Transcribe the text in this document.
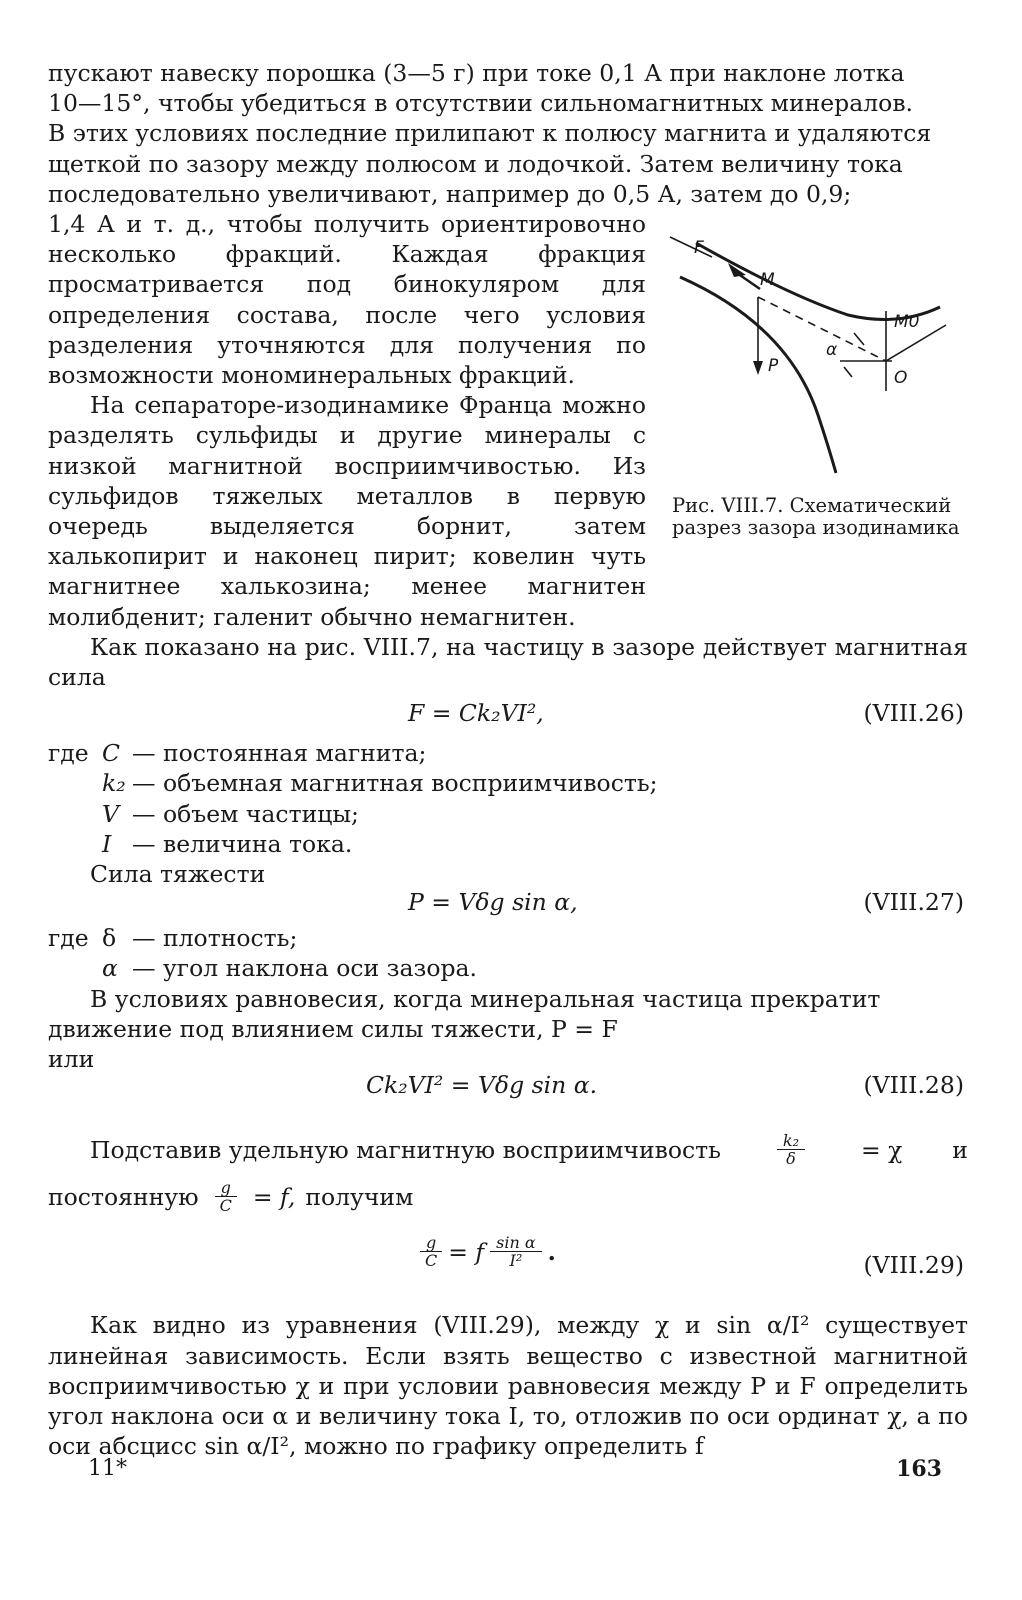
пускают навеску порошка (3—5 г) при токе 0,1 А при наклоне лотка

10—15°, чтобы убедиться в отсутствии сильномагнитных минералов.

В этих условиях последние прилипают к полюсу магнита и удаляются

щеткой по зазору между полюсом и лодочкой. Затем величину тока

последовательно увеличивают, например до 0,5 А, затем до 0,9;

1,4 А и т. д., чтобы получить ориентировочно несколько фракций. Каждая фракция просматривается под бинокуляром для определения состава, после чего условия разделения уточняются для получения по возможности мономинеральных фракций.

На сепараторе-изодинамике Франца можно разделять сульфиды и другие минералы с низкой магнитной восприимчивостью. Из сульфидов тяжелых металлов в первую очередь выделяется борнит, затем халькопирит и наконец пирит; ковелин чуть магнитнее халькозина; менее магнитен молибденит; галенит обычно немагнитен.

F
M
M0
P
α
O

Рис. VIII.7. Схематический разрез зазора изодинамика

Как показано на рис. VIII.7, на частицу в зазоре действует магнитная сила

F = Ck₂VI²,	(VIII.26)
где C — постоянная магнита;
k₂ — объемная магнитная восприимчивость;
V — объем частицы;
I — величина тока.

Сила тяжести

P = Vδg sin α,	(VIII.27)
где δ — плотность;
α — угол наклона оси зазора.

В условиях равновесия, когда минеральная частица прекратит

движение под влиянием силы тяжести, P = F

или

Ck₂VI² = Vδg sin α.	(VIII.28)
Подставив удельную магнитную восприимчивость	$\frac{\text{k₂}}{\delta} = \chi$ и
постоянную $\frac{g}{C} = f$, получим
$\frac{g}{C} = f \frac{\text{sin α}}{\text{I²}}$ .	(VIII.29)

Как видно из уравнения (VIII.29), между χ и sin α/I² существует линейная зависимость. Если взять вещество с известной магнитной восприимчивостью χ и при условии равновесия между P и F определить угол наклона оси α и величину тока I, то, отложив по оси ординат χ, а по оси абсцисс sin α/I², можно по графику определить f

11*	163
